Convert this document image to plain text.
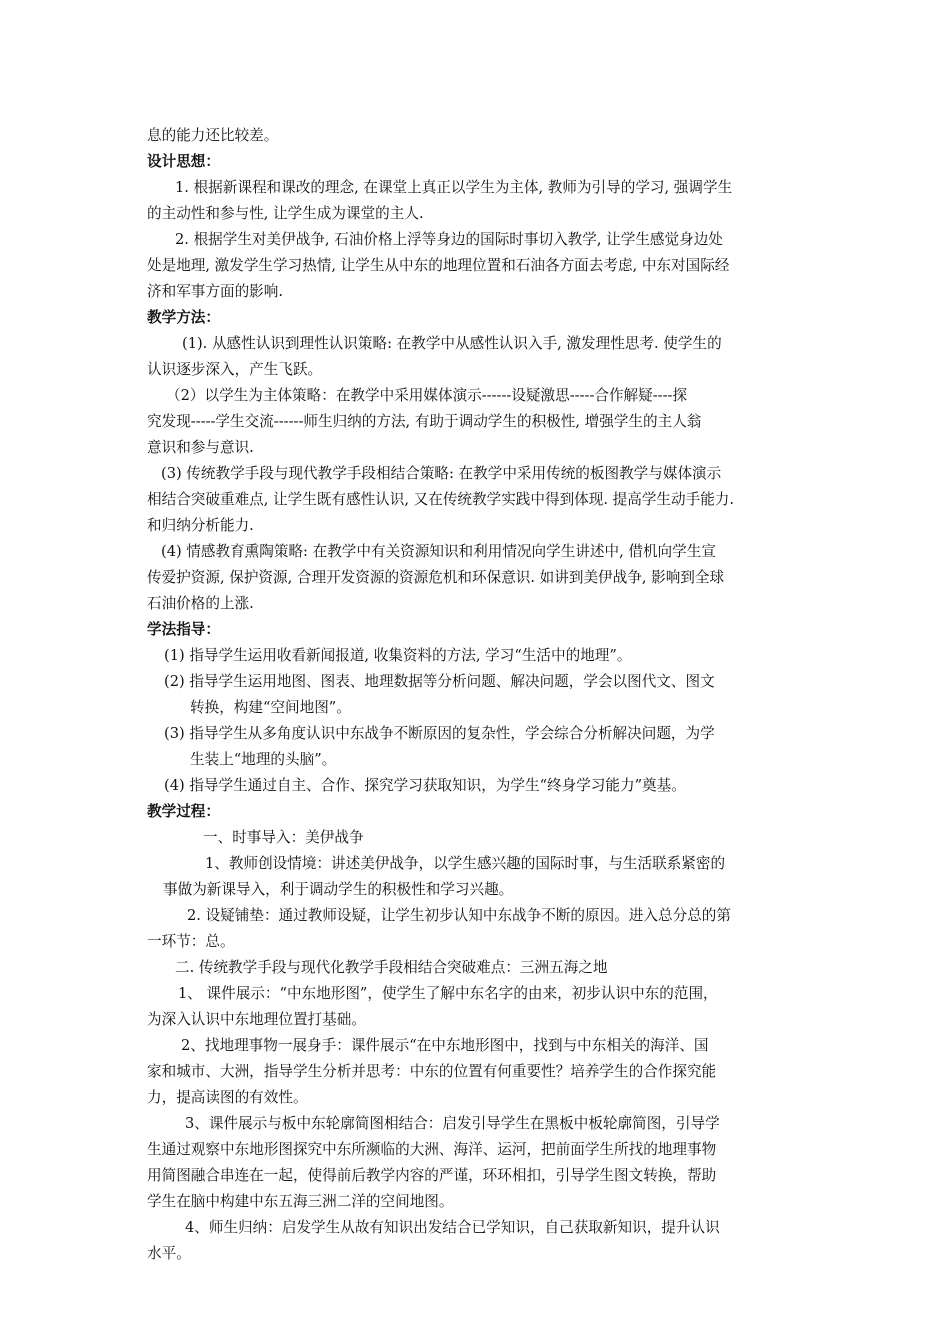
息的能力还比较差。

设计思想：

1. 根据新课程和课改的理念, 在课堂上真正以学生为主体, 教师为引导的学习, 强调学生

的主动性和参与性, 让学生成为课堂的主人.

2. 根据学生对美伊战争, 石油价格上浮等身边的国际时事切入教学, 让学生感觉身边处

处是地理, 激发学生学习热情, 让学生从中东的地理位置和石油各方面去考虑, 中东对国际经

济和军事方面的影响.

教学方法：

(1). 从感性认识到理性认识策略: 在教学中从感性认识入手, 激发理性思考. 使学生的

认识逐步深入，产生飞跃。

（2）以学生为主体策略：在教学中采用媒体演示------设疑激思-----合作解疑----探

究发现-----学生交流------师生归纳的方法, 有助于调动学生的积极性, 增强学生的主人翁

意识和参与意识.

(3) 传统教学手段与现代教学手段相结合策略: 在教学中采用传统的板图教学与媒体演示

相结合突破重难点, 让学生既有感性认识, 又在传统教学实践中得到体现. 提高学生动手能力.

和归纳分析能力.

(4) 情感教育熏陶策略: 在教学中有关资源知识和利用情况向学生讲述中, 借机向学生宣

传爱护资源, 保护资源, 合理开发资源的资源危机和环保意识. 如讲到美伊战争, 影响到全球

石油价格的上涨.

学法指导：

(1) 指导学生运用收看新闻报道, 收集资料的方法, 学习“生活中的地理”。

(2) 指导学生运用地图、图表、地理数据等分析问题、解决问题，学会以图代文、图文

转换，构建“空间地图”。

(3) 指导学生从多角度认识中东战争不断原因的复杂性，学会综合分析解决问题，为学

生装上“地理的头脑”。

(4) 指导学生通过自主、合作、探究学习获取知识，为学生“终身学习能力”奠基。

教学过程：

一、时事导入：美伊战争

1、教师创设情境：讲述美伊战争，以学生感兴趣的国际时事，与生活联系紧密的

事做为新课导入，利于调动学生的积极性和学习兴趣。

2. 设疑铺垫：通过教师设疑，让学生初步认知中东战争不断的原因。进入总分总的第

一环节：总。

二. 传统教学手段与现代化教学手段相结合突破难点：三洲五海之地

1、 课件展示：“中东地形图”，使学生了解中东名字的由来，初步认识中东的范围，

为深入认识中东地理位置打基础。

2、找地理事物一展身手：课件展示“在中东地形图中，找到与中东相关的海洋、国

家和城市、大洲，指导学生分析并思考：中东的位置有何重要性？培养学生的合作探究能

力，提高读图的有效性。

3、课件展示与板中东轮廓简图相结合：启发引导学生在黑板中板轮廓简图，引导学

生通过观察中东地形图探究中东所濒临的大洲、海洋、运河，把前面学生所找的地理事物

用简图融合串连在一起，使得前后教学内容的严谨，环环相扣，引导学生图文转换，帮助

学生在脑中构建中东五海三洲二洋的空间地图。

4、师生归纳：启发学生从故有知识出发结合已学知识，自己获取新知识，提升认识

水平。
